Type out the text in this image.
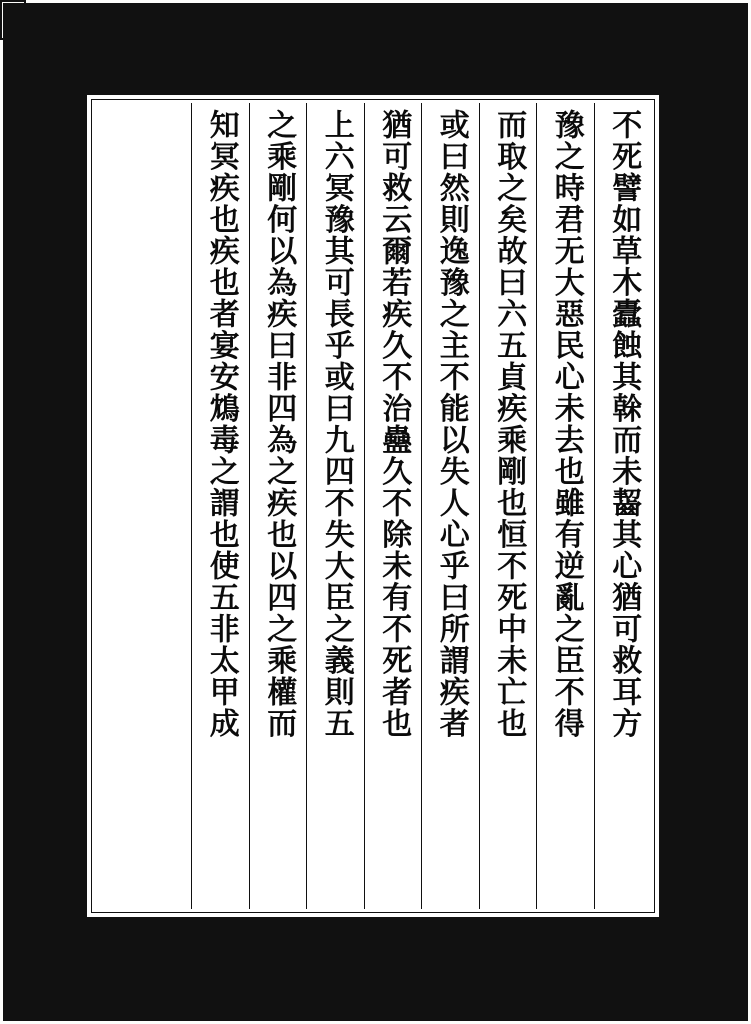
不死譬如草木蠹蝕其榦而未齧其心猶可救耳方
豫之時君无大惡民心未去也雖有逆亂之臣不得
而取之矣故曰六五貞疾乘剛也恒不死中未亡也
或曰然則逸豫之主不能以失人心乎曰所謂疾者
猶可救云爾若疾久不治蠱久不除未有不死者也
上六冥豫其可長乎或曰九四不失大臣之義則五
之乘剛何以為疾曰非四為之疾也以四之乘權而
知冥疾也疾也者宴安鴆毒之謂也使五非太甲成
